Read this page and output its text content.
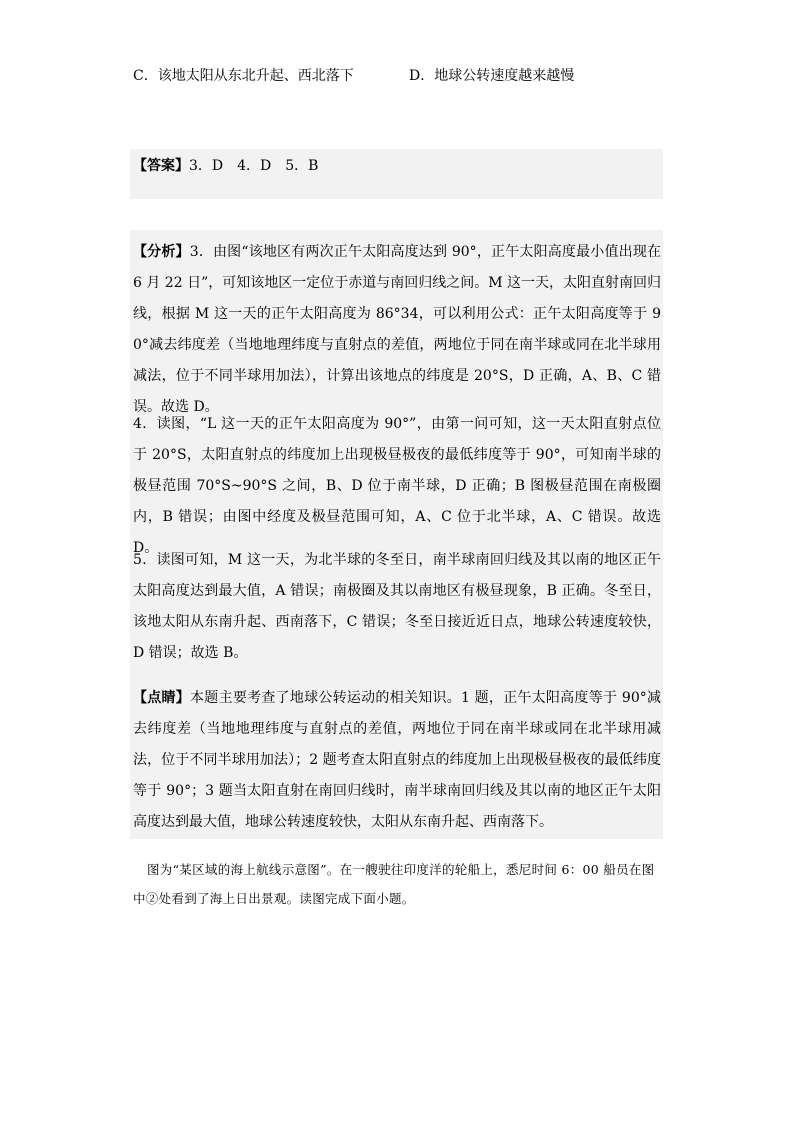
C．该地太阳从东北升起、西北落下	D．地球公转速度越来越慢
【答案】3．D　4．D　5．B
【分析】3．由图“该地区有两次正午太阳高度达到 90°，正午太阳高度最小值出现在 6 月 22 日”，可知该地区一定位于赤道与南回归线之间。M 这一天，太阳直射南回归线，根据 M 这一天的正午太阳高度为 86°34，可以利用公式：正午太阳高度等于 90°减去纬度差（当地地理纬度与直射点的差值，两地位于同在南半球或同在北半球用减法，位于不同半球用加法），计算出该地点的纬度是 20°S，D 正确，A、B、C 错误。故选 D。
4．读图，“L 这一天的正午太阳高度为 90°”，由第一问可知，这一天太阳直射点位于 20°S，太阳直射点的纬度加上出现极昼极夜的最低纬度等于 90°，可知南半球的极昼范围 70°S~90°S 之间，B、D 位于南半球，D 正确；B 图极昼范围在南极圈内，B 错误；由图中经度及极昼范围可知，A、C 位于北半球，A、C 错误。故选 D。
5．读图可知，M 这一天，为北半球的冬至日，南半球南回归线及其以南的地区正午太阳高度达到最大值，A 错误；南极圈及其以南地区有极昼现象，B 正确。冬至日，该地太阳从东南升起、西南落下，C 错误；冬至日接近近日点，地球公转速度较快，D 错误；故选 B。
【点睛】本题主要考查了地球公转运动的相关知识。1 题，正午太阳高度等于 90°减去纬度差（当地地理纬度与直射点的差值，两地位于同在南半球或同在北半球用减法，位于不同半球用加法）；2 题考查太阳直射点的纬度加上出现极昼极夜的最低纬度等于 90°；3 题当太阳直射在南回归线时，南半球南回归线及其以南的地区正午太阳高度达到最大值，地球公转速度较快，太阳从东南升起、西南落下。
图为“某区域的海上航线示意图”。在一艘驶往印度洋的轮船上，悉尼时间 6：00 船员在图中②处看到了海上日出景观。读图完成下面小题。
